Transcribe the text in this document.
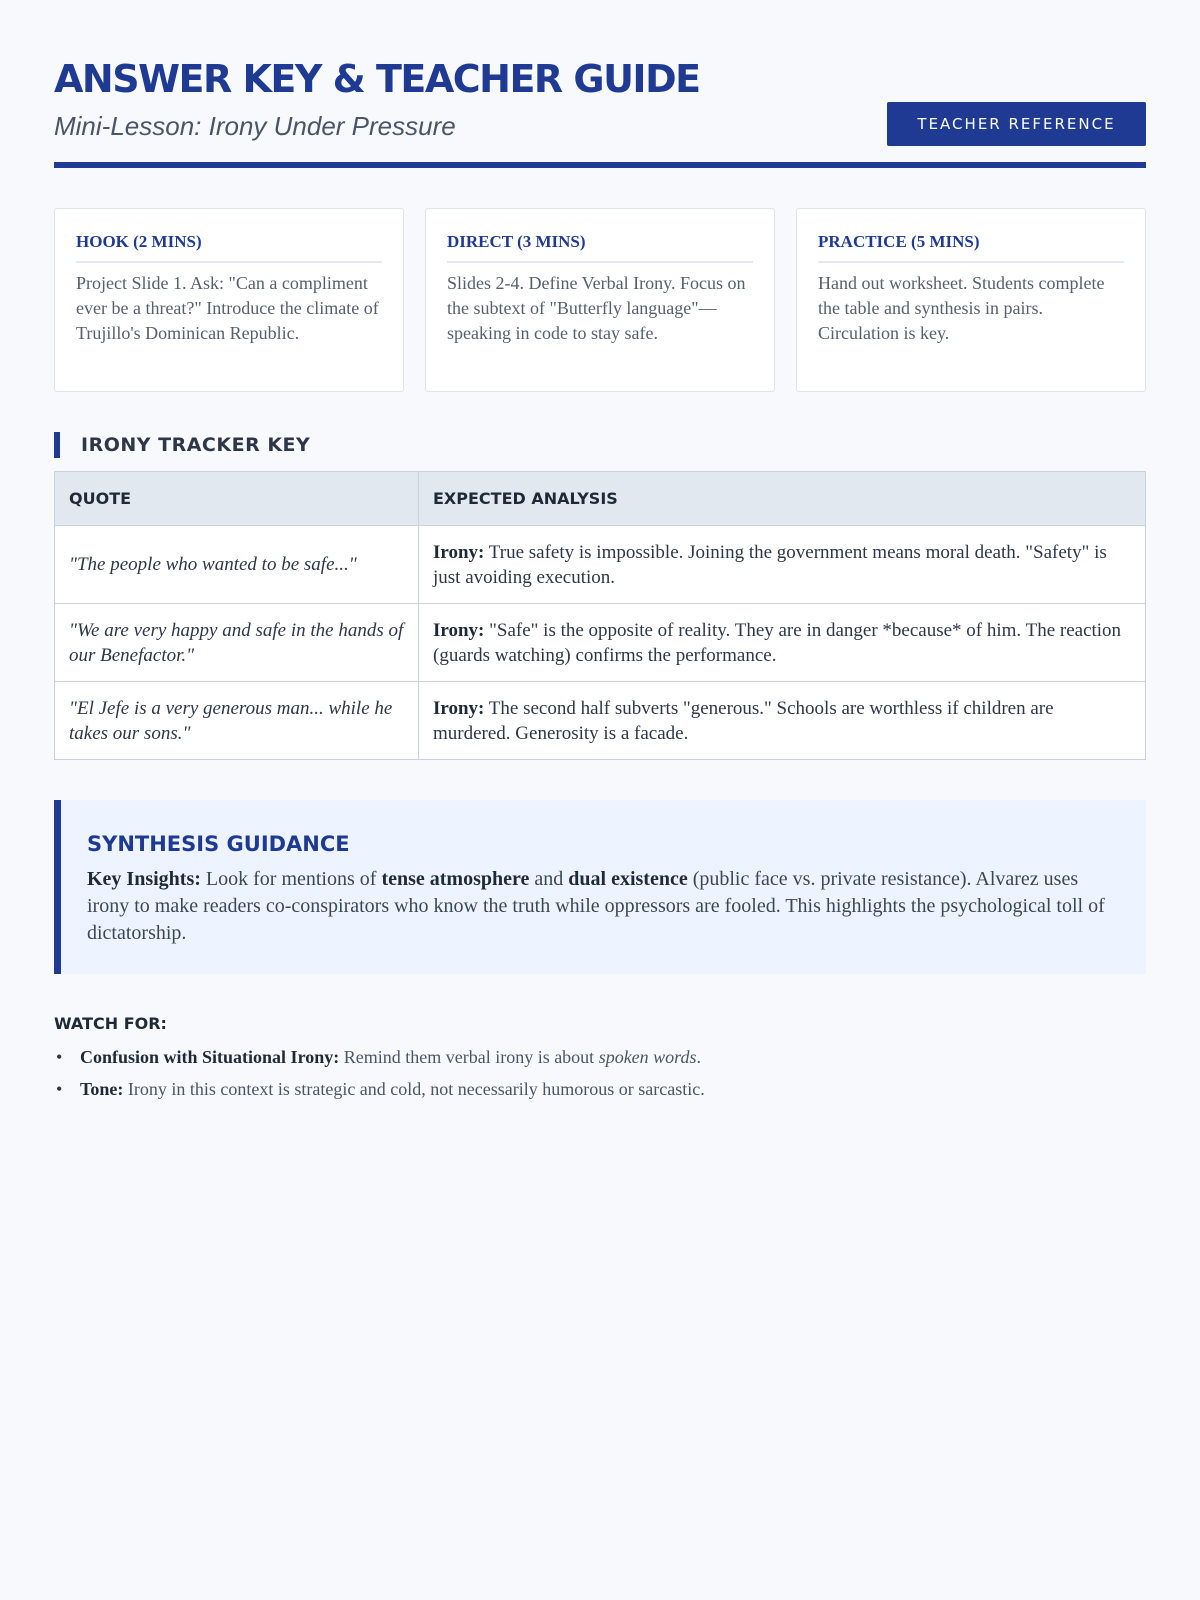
ANSWER KEY & TEACHER GUIDE
Mini-Lesson: Irony Under Pressure	TEACHER REFERENCE
HOOK (2 MINS)
Project Slide 1. Ask: "Can a compliment ever be a threat?" Introduce the climate of Trujillo's Dominican Republic.
DIRECT (3 MINS)
Slides 2-4. Define Verbal Irony. Focus on the subtext of "Butterfly language"—speaking in code to stay safe.
PRACTICE (5 MINS)
Hand out worksheet. Students complete the table and synthesis in pairs. Circulation is key.
IRONY TRACKER KEY
QUOTE	EXPECTED ANALYSIS
"The people who wanted to be safe..."	Irony: True safety is impossible. Joining the government means moral death. "Safety" is just avoiding execution.
"We are very happy and safe in the hands of our Benefactor."	Irony: "Safe" is the opposite of reality. They are in danger *because* of him. The reaction (guards watching) confirms the performance.
"El Jefe is a very generous man... while he takes our sons."	Irony: The second half subverts "generous." Schools are worthless if children are murdered. Generosity is a facade.
SYNTHESIS GUIDANCE

Key Insights: Look for mentions of tense atmosphere and dual existence (public face vs. private resistance). Alvarez uses irony to make readers co-conspirators who know the truth while oppressors are fooled. This highlights the psychological toll of dictatorship.

WATCH FOR:
• Confusion with Situational Irony: Remind them verbal irony is about spoken words.
• Tone: Irony in this context is strategic and cold, not necessarily humorous or sarcastic.
